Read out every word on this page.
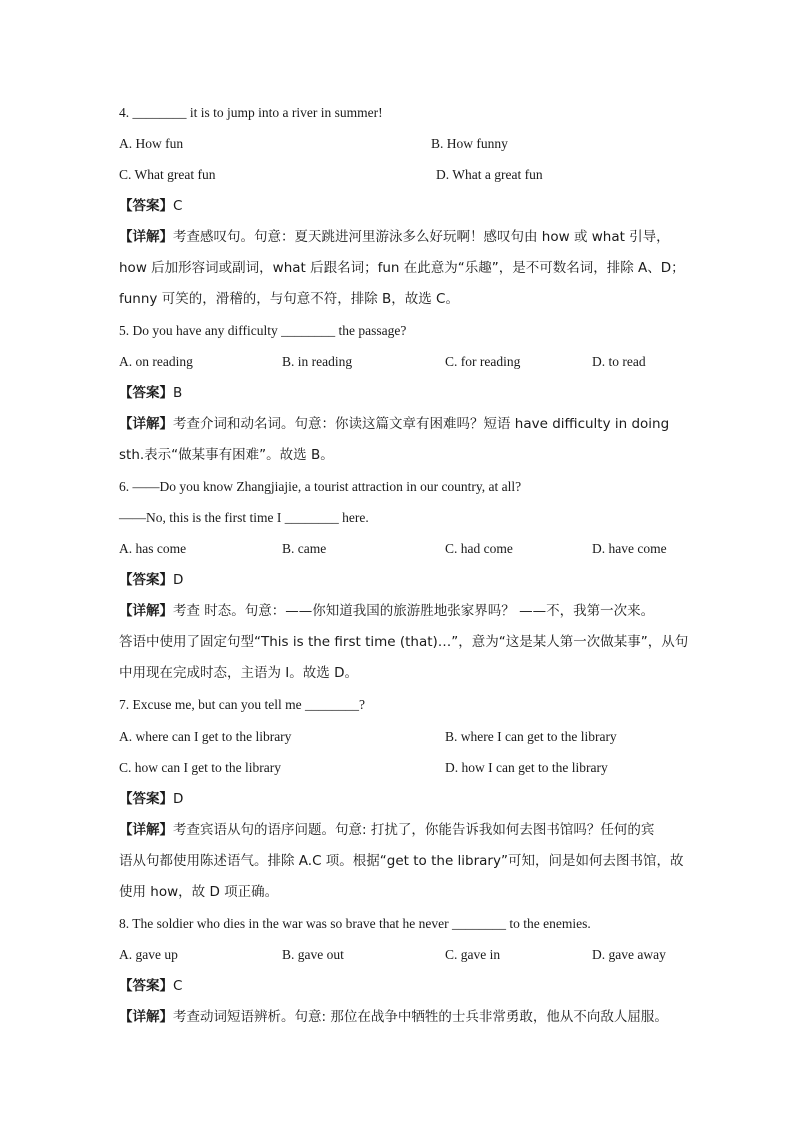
4. ________ it is to jump into a river in summer!
A. How fun	B. How funny
C. What great fun	D. What a great fun
【答案】C
【详解】考查感叹句。句意：夏天跳进河里游泳多么好玩啊！感叹句由 how 或 what 引导，
how 后加形容词或副词，what 后跟名词；fun 在此意为“乐趣”，是不可数名词，排除 A、D；
funny 可笑的，滑稽的，与句意不符，排除 B，故选 C。
5. Do you have any difficulty ________ the passage?
A. on reading	B. in reading	C. for reading	D. to read
【答案】B
【详解】考查介词和动名词。句意：你读这篇文章有困难吗？短语 have difficulty in doing
sth.表示“做某事有困难”。故选 B。
6. ——Do you know Zhangjiajie, a tourist attraction in our country, at all?
——No, this is the first time I ________ here.
A. has come	B. came	C. had come	D. have come
【答案】D
【详解】考查 时态。句意：——你知道我国的旅游胜地张家界吗？ ——不，我第一次来。
答语中使用了固定句型“This is the first time (that)…”，意为“这是某人第一次做某事”，从句
中用现在完成时态，主语为 I。故选 D。
7. Excuse me, but can you tell me ________?
A. where can I get to the library	B. where I can get to the library
C. how can I get to the library	D. how I can get to the library
【答案】D
【详解】考查宾语从句的语序问题。句意: 打扰了，你能告诉我如何去图书馆吗？任何的宾
语从句都使用陈述语气。排除 A.C 项。根据“get to the library”可知，问是如何去图书馆，故
使用 how，故 D 项正确。
8. The soldier who dies in the war was so brave that he never ________ to the enemies.
A. gave up	B. gave out	C. gave in	D. gave away
【答案】C
【详解】考查动词短语辨析。句意: 那位在战争中牺牲的士兵非常勇敢，他从不向敌人屈服。
